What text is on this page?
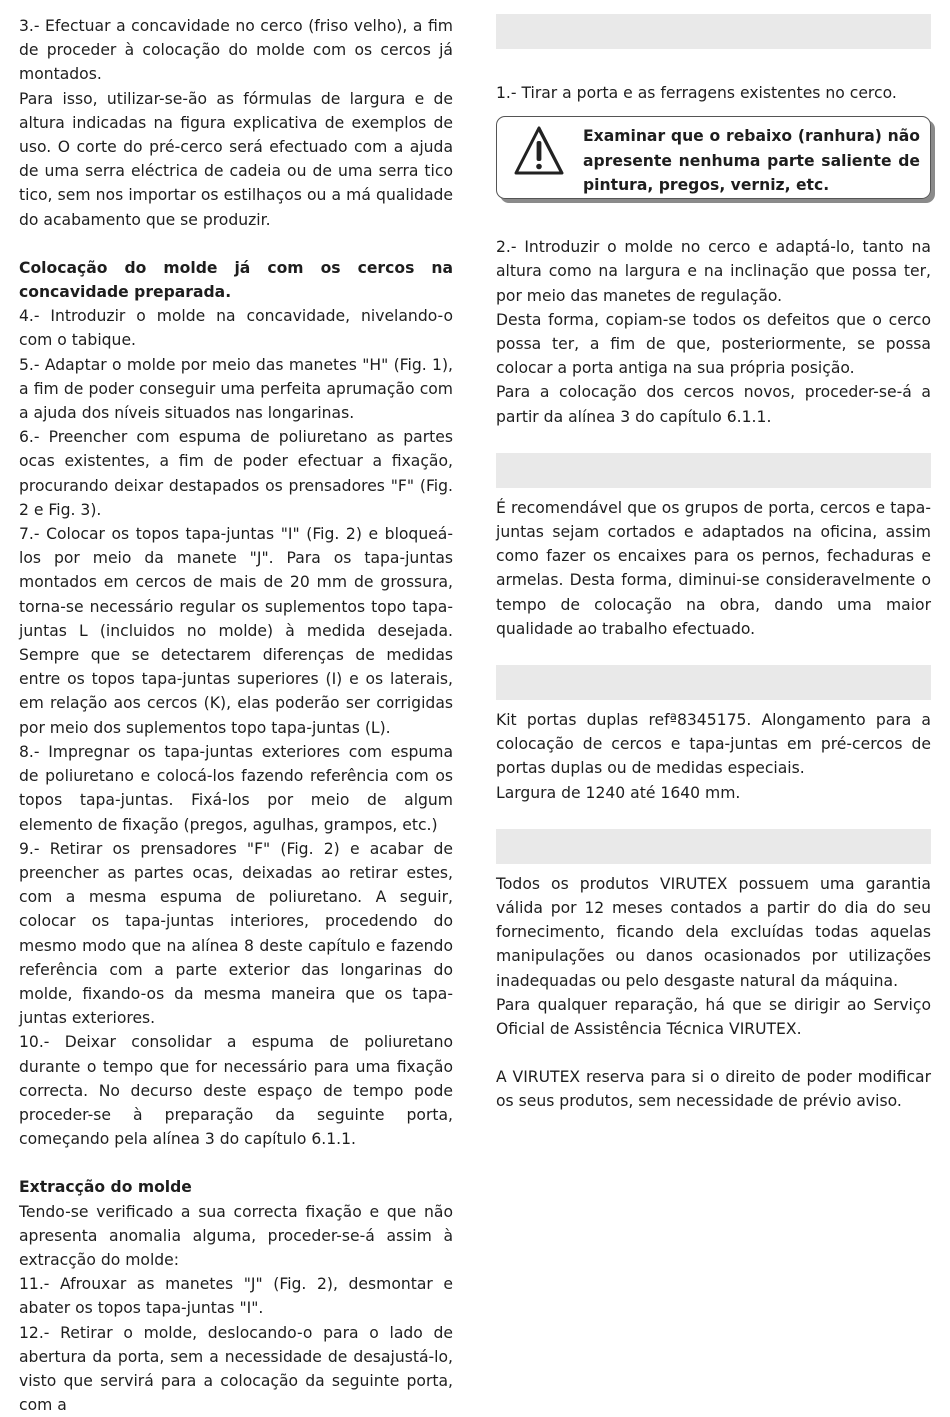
3.- Efectuar a concavidade no cerco (friso velho), a fim de proceder à colocação do molde com os cercos já montados.

Para isso, utilizar-se-ão as fórmulas de largura e de altura indicadas na figura explicativa de exemplos de uso. O corte do pré-cerco será efectuado com a ajuda de uma serra eléctrica de cadeia ou de uma serra tico tico, sem nos importar os estilhaços ou a má qualidade do acabamento que se produzir.

Colocação do molde já com os cercos na concavidade preparada.

4.- Introduzir o molde na concavidade, nivelando-o com o tabique.

5.- Adaptar o molde por meio das manetes "H" (Fig. 1), a fim de poder conseguir uma perfeita aprumação com a ajuda dos níveis situados nas longarinas.

6.- Preencher com espuma de poliuretano as partes ocas existentes, a fim de poder efectuar a fixação, procurando deixar destapados os prensadores "F" (Fig. 2 e Fig. 3).

7.- Colocar os topos tapa-juntas "I" (Fig. 2) e bloqueá-los por meio da manete "J". Para os tapa-juntas montados em cercos de mais de 20 mm de grossura, torna-se necessário regular os suplementos topo tapa-juntas L (incluidos no molde) à medida desejada. Sempre que se detectarem diferenças de medidas entre os topos tapa-juntas superiores (I) e os laterais, em relação aos cercos (K), elas poderão ser corrigidas por meio dos suplementos topo tapa-juntas (L).

8.- Impregnar os tapa-juntas exteriores com espuma de poliuretano e colocá-los fazendo referência com os topos tapa-juntas. Fixá-los por meio de algum elemento de fixação (pregos, agulhas, grampos, etc.)

9.- Retirar os prensadores "F" (Fig. 2) e acabar de preencher as partes ocas, deixadas ao retirar estes, com a mesma espuma de poliuretano. A seguir, colocar os tapa-juntas interiores, procedendo do mesmo modo que na alínea 8 deste capítulo e fazendo referência com a parte exterior das longarinas do molde, fixando-os da mesma maneira que os tapa-juntas exteriores.

10.- Deixar consolidar a espuma de poliuretano durante o tempo que for necessário para uma fixação correcta. No decurso deste espaço de tempo pode proceder-se à preparação da seguinte porta, começando pela alínea 3 do capítulo 6.1.1.

Extracção do molde

Tendo-se verificado a sua correcta fixação e que não apresenta anomalia alguma, proceder-se-á assim à extracção do molde:

11.- Afrouxar as manetes "J" (Fig. 2), desmontar e abater os topos tapa-juntas "I".

12.- Retirar o molde, deslocando-o para o lado de abertura da porta, sem a necessidade de desajustá-lo, visto que servirá para a colocação da seguinte porta, com a

1.- Tirar a porta e as ferragens existentes no cerco.

Examinar que o rebaixo (ranhura) não apresente nenhuma parte saliente de pintura, pregos, verniz, etc.

2.- Introduzir o molde no cerco e adaptá-lo, tanto na altura como na largura e na inclinação que possa ter, por meio das manetes de regulação.

Desta forma, copiam-se todos os defeitos que o cerco possa ter, a fim de que, posteriormente, se possa colocar a porta antiga na sua própria posição.

Para a colocação dos cercos novos, proceder-se-á a partir da alínea 3 do capítulo 6.1.1.

É recomendável que os grupos de porta, cercos e tapa-juntas sejam cortados e adaptados na oficina, assim como fazer os encaixes para os pernos, fechaduras e armelas. Desta forma, diminui-se consideravelmente o tempo de colocação na obra, dando uma maior qualidade ao trabalho efectuado.

Kit portas duplas refª8345175. Alongamento para a colocação de cercos e tapa-juntas em pré-cercos de portas duplas ou de medidas especiais.

Largura de 1240 até 1640 mm.

Todos os produtos VIRUTEX possuem uma garantia válida por 12 meses contados a partir do dia do seu fornecimento, ficando dela excluídas todas aquelas manipulações ou danos ocasionados por utilizações inadequadas ou pelo desgaste natural da máquina.

Para qualquer reparação, há que se dirigir ao Serviço Oficial de Assistência Técnica VIRUTEX.

A VIRUTEX reserva para si o direito de poder modificar os seus produtos, sem necessidade de prévio aviso.
